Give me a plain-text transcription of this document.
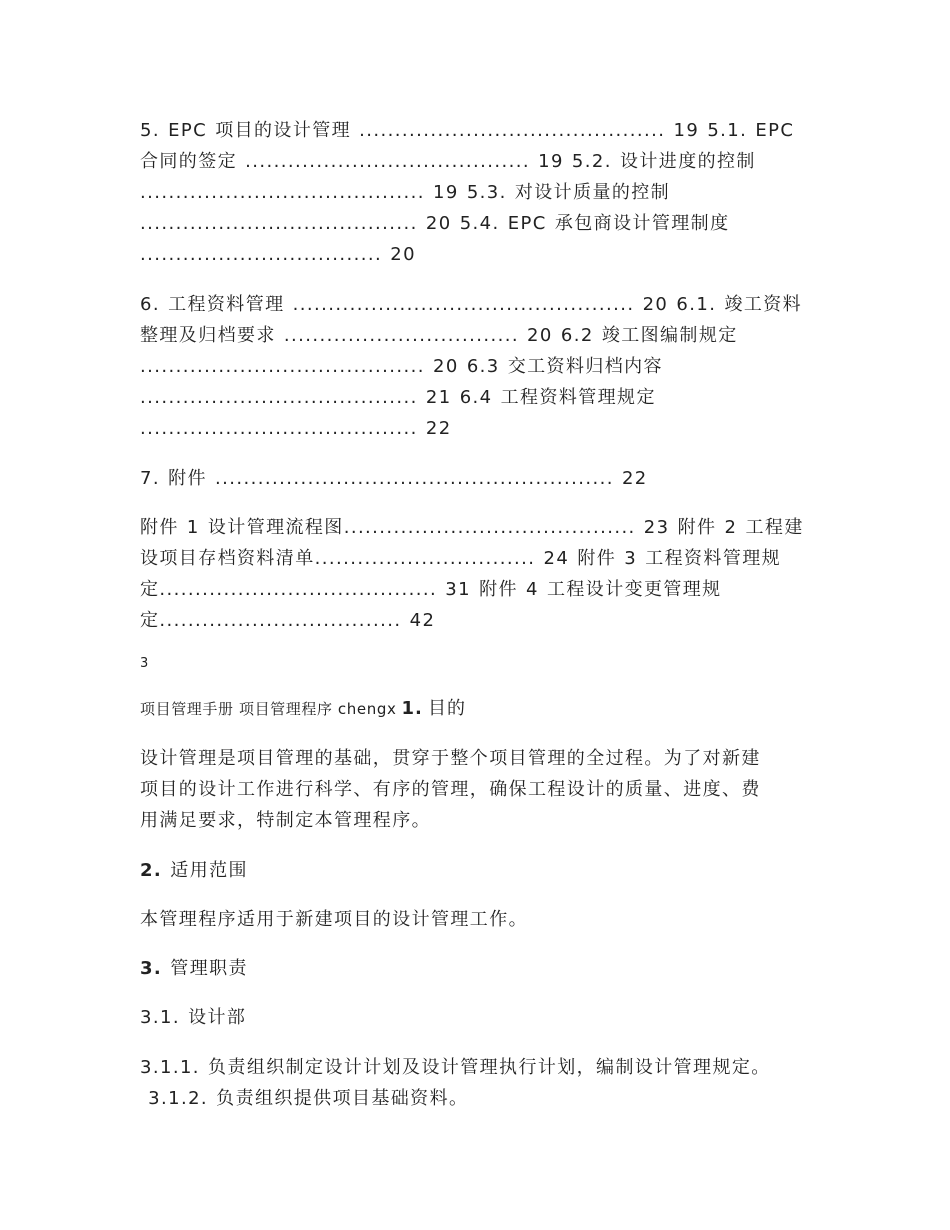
5. EPC 项目的设计管理 ........................................... 19 5.1. EPC
合同的签定 ........................................ 19 5.2. 设计进度的控制
........................................ 19 5.3. 对设计质量的控制
....................................... 20 5.4. EPC 承包商设计管理制度
.................................. 20
6. 工程资料管理 ................................................ 20 6.1. 竣工资料
整理及归档要求 ................................. 20 6.2 竣工图编制规定
........................................ 20 6.3 交工资料归档内容
....................................... 21 6.4 工程资料管理规定
....................................... 22
7. 附件 ........................................................ 22
附件 1 设计管理流程图......................................... 23 附件 2 工程建
设项目存档资料清单............................... 24 附件 3 工程资料管理规
定....................................... 31 附件 4 工程设计变更管理规
定.................................. 42
3
项目管理手册 项目管理程序 chengx 1. 目的
设计管理是项目管理的基础，贯穿于整个项目管理的全过程。为了对新建
项目的设计工作进行科学、有序的管理，确保工程设计的质量、进度、费
用满足要求，特制定本管理程序。
2. 适用范围
本管理程序适用于新建项目的设计管理工作。
3. 管理职责
3.1. 设计部
3.1.1. 负责组织制定设计计划及设计管理执行计划，编制设计管理规定。
3.1.2. 负责组织提供项目基础资料。
